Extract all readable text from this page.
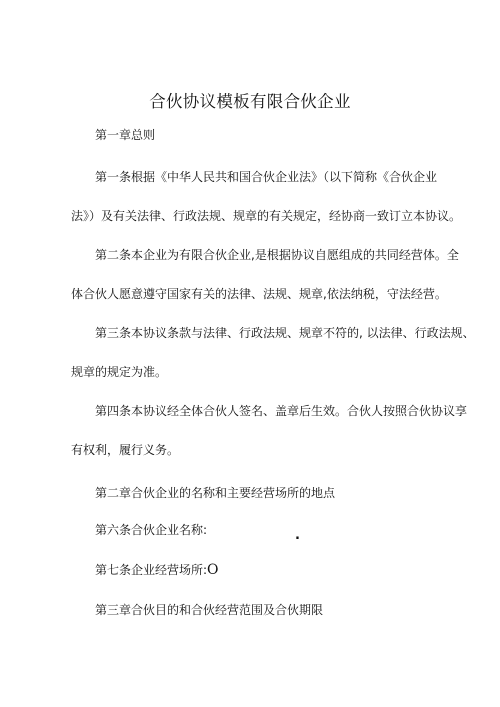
合伙协议模板有限合伙企业
第一章总则
第一条根据《中华人民共和国合伙企业法》（以下简称《合伙企业
法》）及有关法律、行政法规、规章的有关规定，经协商一致订立本协议。
第二条本企业为有限合伙企业,是根据协议自愿组成的共同经营体。全
体合伙人愿意遵守国家有关的法律、法规、规章,依法纳税，守法经营。
第三条本协议条款与法律、行政法规、规章不符的, 以法律、行政法规、
规章的规定为准。
第四条本协议经全体合伙人签名、盖章后生效。合伙人按照合伙协议享
有权利，履行义务。
第二章合伙企业的名称和主要经营场所的地点
第六条合伙企业名称:	.
第七条企业经营场所:O
第三章合伙目的和合伙经营范围及合伙期限
